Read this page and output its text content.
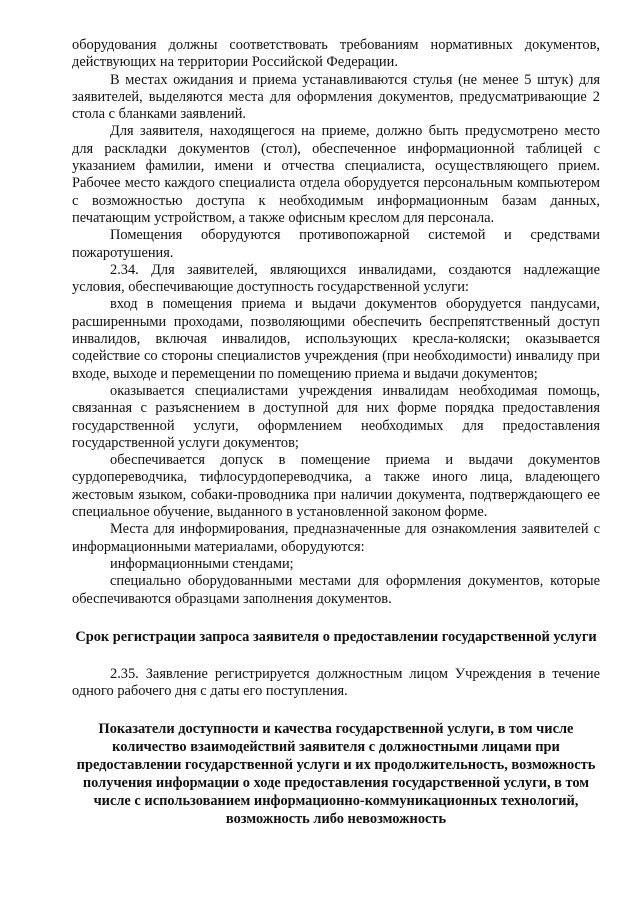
оборудования должны соответствовать требованиям нормативных документов, действующих на территории Российской Федерации.

В местах ожидания и приема устанавливаются стулья (не менее 5 штук) для заявителей, выделяются места для оформления документов, предусматривающие 2 стола с бланками заявлений.

Для заявителя, находящегося на приеме, должно быть предусмотрено место для раскладки документов (стол), обеспеченное информационной таблицей с указанием фамилии, имени и отчества специалиста, осуществляющего прием. Рабочее место каждого специалиста отдела оборудуется персональным компьютером с возможностью доступа к необходимым информационным базам данных, печатающим устройством, а также офисным креслом для персонала.

Помещения оборудуются противопожарной системой и средствами пожаротушения.

2.34. Для заявителей, являющихся инвалидами, создаются надлежащие условия, обеспечивающие доступность государственной услуги:

вход в помещения приема и выдачи документов оборудуется пандусами, расширенными проходами, позволяющими обеспечить беспрепятственный доступ инвалидов, включая инвалидов, использующих кресла-коляски; оказывается содействие со стороны специалистов учреждения (при необходимости) инвалиду при входе, выходе и перемещении по помещению приема и выдачи документов;

оказывается специалистами учреждения инвалидам необходимая помощь, связанная с разъяснением в доступной для них форме порядка предоставления государственной услуги, оформлением необходимых для предоставления государственной услуги документов;

обеспечивается допуск в помещение приема и выдачи документов сурдопереводчика, тифлосурдопереводчика, а также иного лица, владеющего жестовым языком, собаки-проводника при наличии документа, подтверждающего ее специальное обучение, выданного в установленной законом форме.

Места для информирования, предназначенные для ознакомления заявителей с информационными материалами, оборудуются:

информационными стендами;

специально оборудованными местами для оформления документов, которые обеспечиваются образцами заполнения документов.

Срок регистрации запроса заявителя о предоставлении государственной услуги

2.35. Заявление регистрируется должностным лицом Учреждения в течение одного рабочего дня с даты его поступления.

Показатели доступности и качества государственной услуги, в том числе количество взаимодействий заявителя с должностными лицами при предоставлении государственной услуги и их продолжительность, возможность получения информации о ходе предоставления государственной услуги, в том числе с использованием информационно-коммуникационных технологий, возможность либо невозможность
